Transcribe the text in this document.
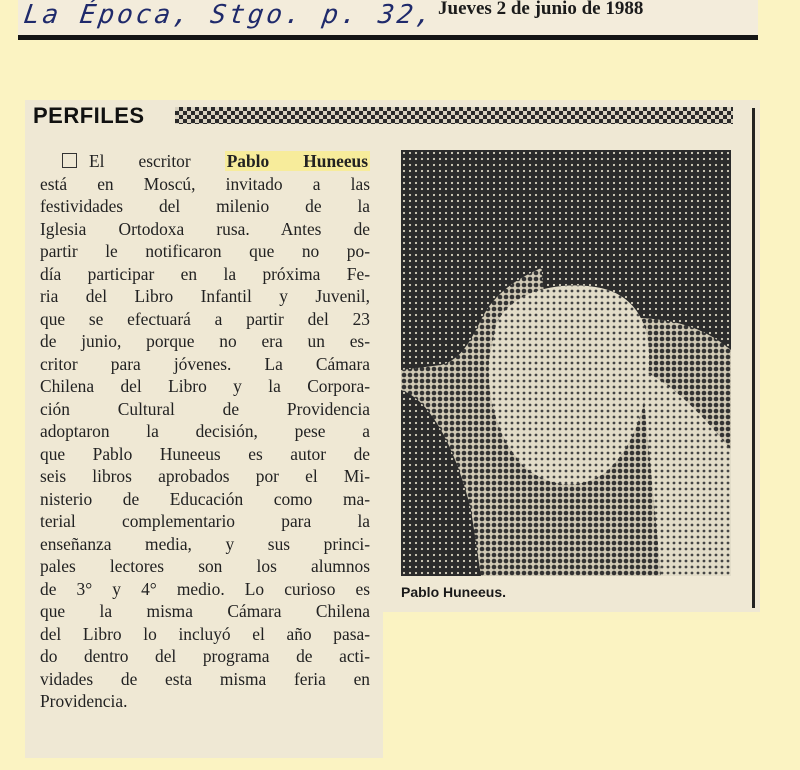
La Época, Stgo. p. 32, Jueves 2 de junio de 1988
PERFILES
El escritor Pablo Huneeus
está en Moscú, invitado a las
festividades del milenio de la
Iglesia Ortodoxa rusa. Antes de
partir le notificaron que no po-
día participar en la próxima Fe-
ria del Libro Infantil y Juvenil,
que se efectuará a partir del 23
de junio, porque no era un es-
critor para jóvenes. La Cámara
Chilena del Libro y la Corpora-
ción Cultural de Providencia
adoptaron la decisión, pese a
que Pablo Huneeus es autor de
seis libros aprobados por el Mi-
nisterio de Educación como ma-
terial complementario para la
enseñanza media, y sus princi-
pales lectores son los alumnos
de 3° y 4° medio. Lo curioso es
que la misma Cámara Chilena
del Libro lo incluyó el año pasa-
do dentro del programa de acti-
vidades de esta misma feria en
Providencia.
Pablo Huneeus.
